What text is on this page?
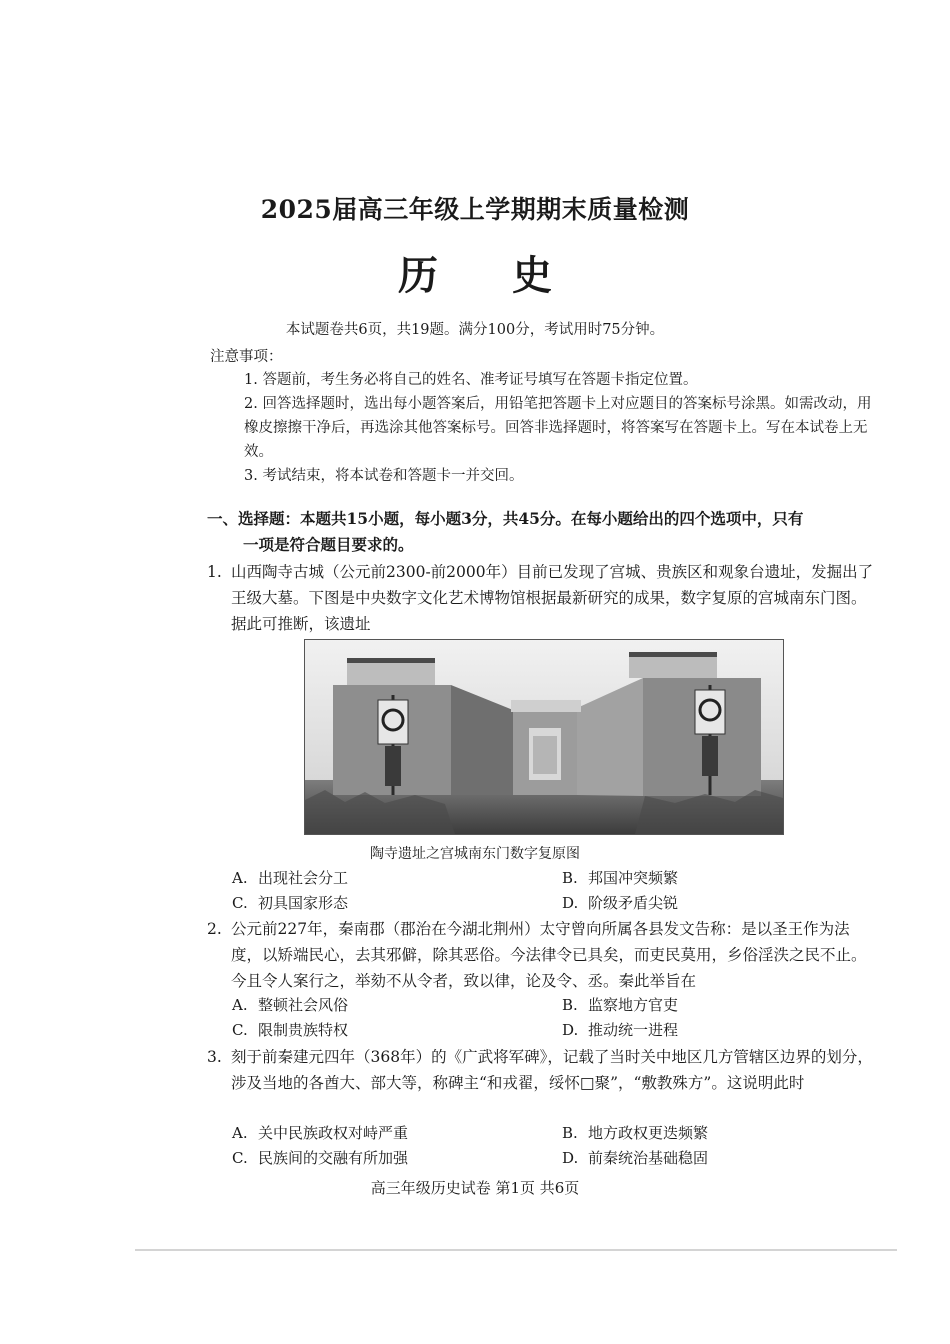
2025届高三年级上学期期末质量检测
历 史
本试题卷共6页，共19题。满分100分，考试用时75分钟。
注意事项：
1. 答题前，考生务必将自己的姓名、准考证号填写在答题卡指定位置。
2. 回答选择题时，选出每小题答案后，用铅笔把答题卡上对应题目的答案标号涂黑。如需改动，用橡皮擦擦干净后，再选涂其他答案标号。回答非选择题时，将答案写在答题卡上。写在本试卷上无效。
3. 考试结束，将本试卷和答题卡一并交回。
一、选择题：本题共15小题，每小题3分，共45分。在每小题给出的四个选项中，只有
一项是符合题目要求的。
1. 山西陶寺古城（公元前2300-前2000年）目前已发现了宫城、贵族区和观象台遗址，发掘出了王级大墓。下图是中央数字文化艺术博物馆根据最新研究的成果，数字复原的宫城南东门图。据此可推断，该遗址
陶寺遗址之宫城南东门数字复原图
A. 出现社会分工	B. 邦国冲突频繁
C. 初具国家形态	D. 阶级矛盾尖锐
2. 公元前227年，秦南郡（郡治在今湖北荆州）太守曾向所属各县发文告称：是以圣王作为法度，以矫端民心，去其邪僻，除其恶俗。今法律令已具矣，而吏民莫用，乡俗淫泆之民不止。今且令人案行之，举劾不从令者，致以律，论及令、丞。秦此举旨在
A. 整顿社会风俗	B. 监察地方官吏
C. 限制贵族特权	D. 推动统一进程
3. 刻于前秦建元四年（368年）的《广武将军碑》，记载了当时关中地区几方管辖区边界的划分，涉及当地的各酋大、部大等，称碑主“和戎翟，绥怀□聚”，“敷教殊方”。这说明此时
A. 关中民族政权对峙严重	B. 地方政权更迭频繁
C. 民族间的交融有所加强	D. 前秦统治基础稳固
高三年级历史试卷 第1页 共6页
